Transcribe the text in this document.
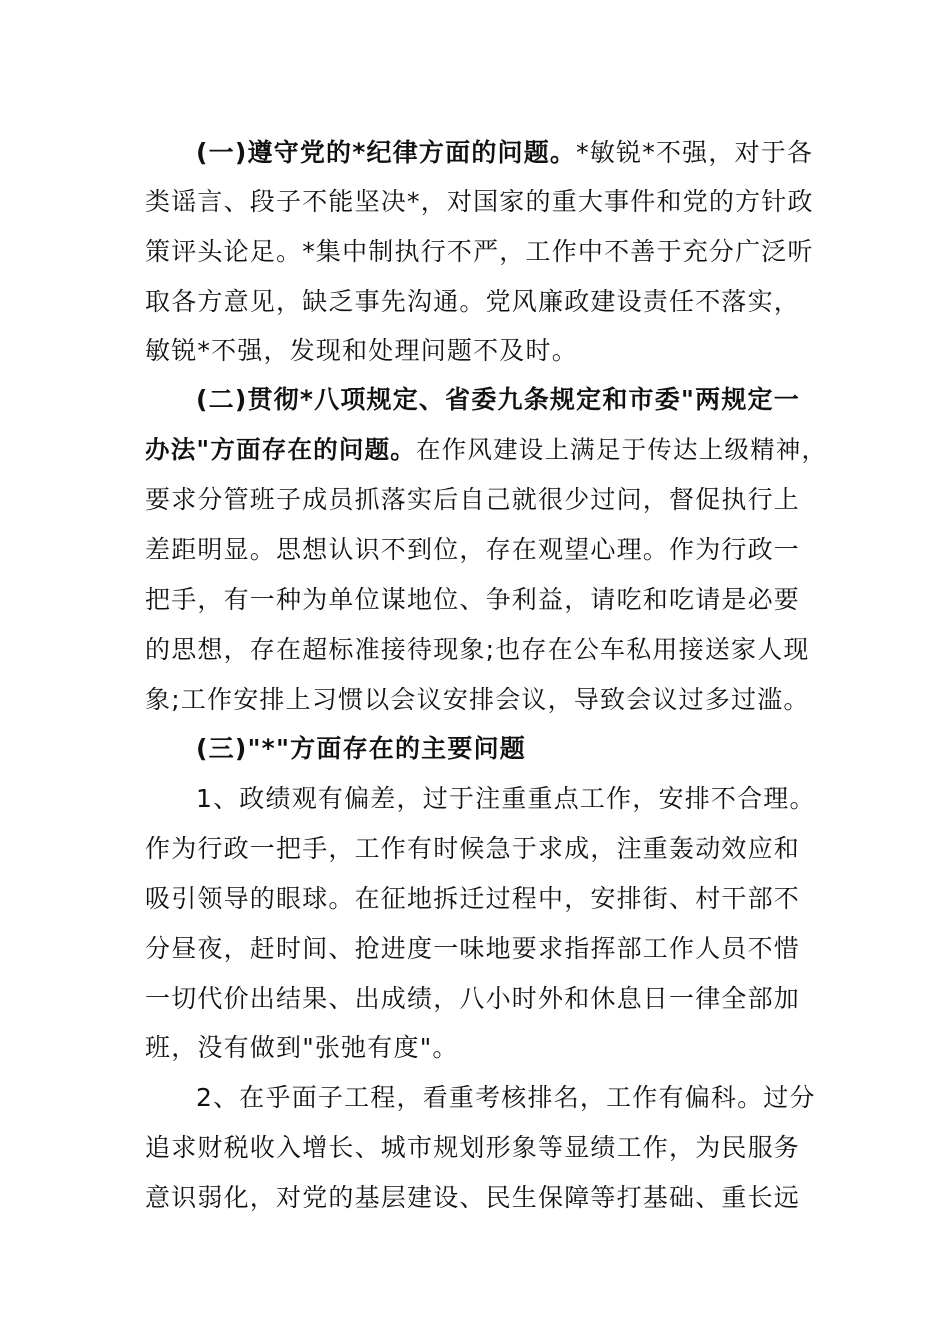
(一)遵守党的*纪律方面的问题。*敏锐*不强，对于各
类谣言、段子不能坚决*，对国家的重大事件和党的方针政
策评头论足。*集中制执行不严，工作中不善于充分广泛听
取各方意见，缺乏事先沟通。党风廉政建设责任不落实，
敏锐*不强，发现和处理问题不及时。
(二)贯彻*八项规定、省委九条规定和市委"两规定一
办法"方面存在的问题。在作风建设上满足于传达上级精神，
要求分管班子成员抓落实后自己就很少过问，督促执行上
差距明显。思想认识不到位，存在观望心理。作为行政一
把手，有一种为单位谋地位、争利益，请吃和吃请是必要
的思想，存在超标准接待现象;也存在公车私用接送家人现
象;工作安排上习惯以会议安排会议，导致会议过多过滥。
(三)"*"方面存在的主要问题
1、政绩观有偏差，过于注重重点工作，安排不合理。
作为行政一把手，工作有时候急于求成，注重轰动效应和
吸引领导的眼球。在征地拆迁过程中，安排街、村干部不
分昼夜，赶时间、抢进度一味地要求指挥部工作人员不惜
一切代价出结果、出成绩，八小时外和休息日一律全部加
班，没有做到"张弛有度"。
2、在乎面子工程，看重考核排名，工作有偏科。过分
追求财税收入增长、城市规划形象等显绩工作，为民服务
意识弱化，对党的基层建设、民生保障等打基础、重长远
